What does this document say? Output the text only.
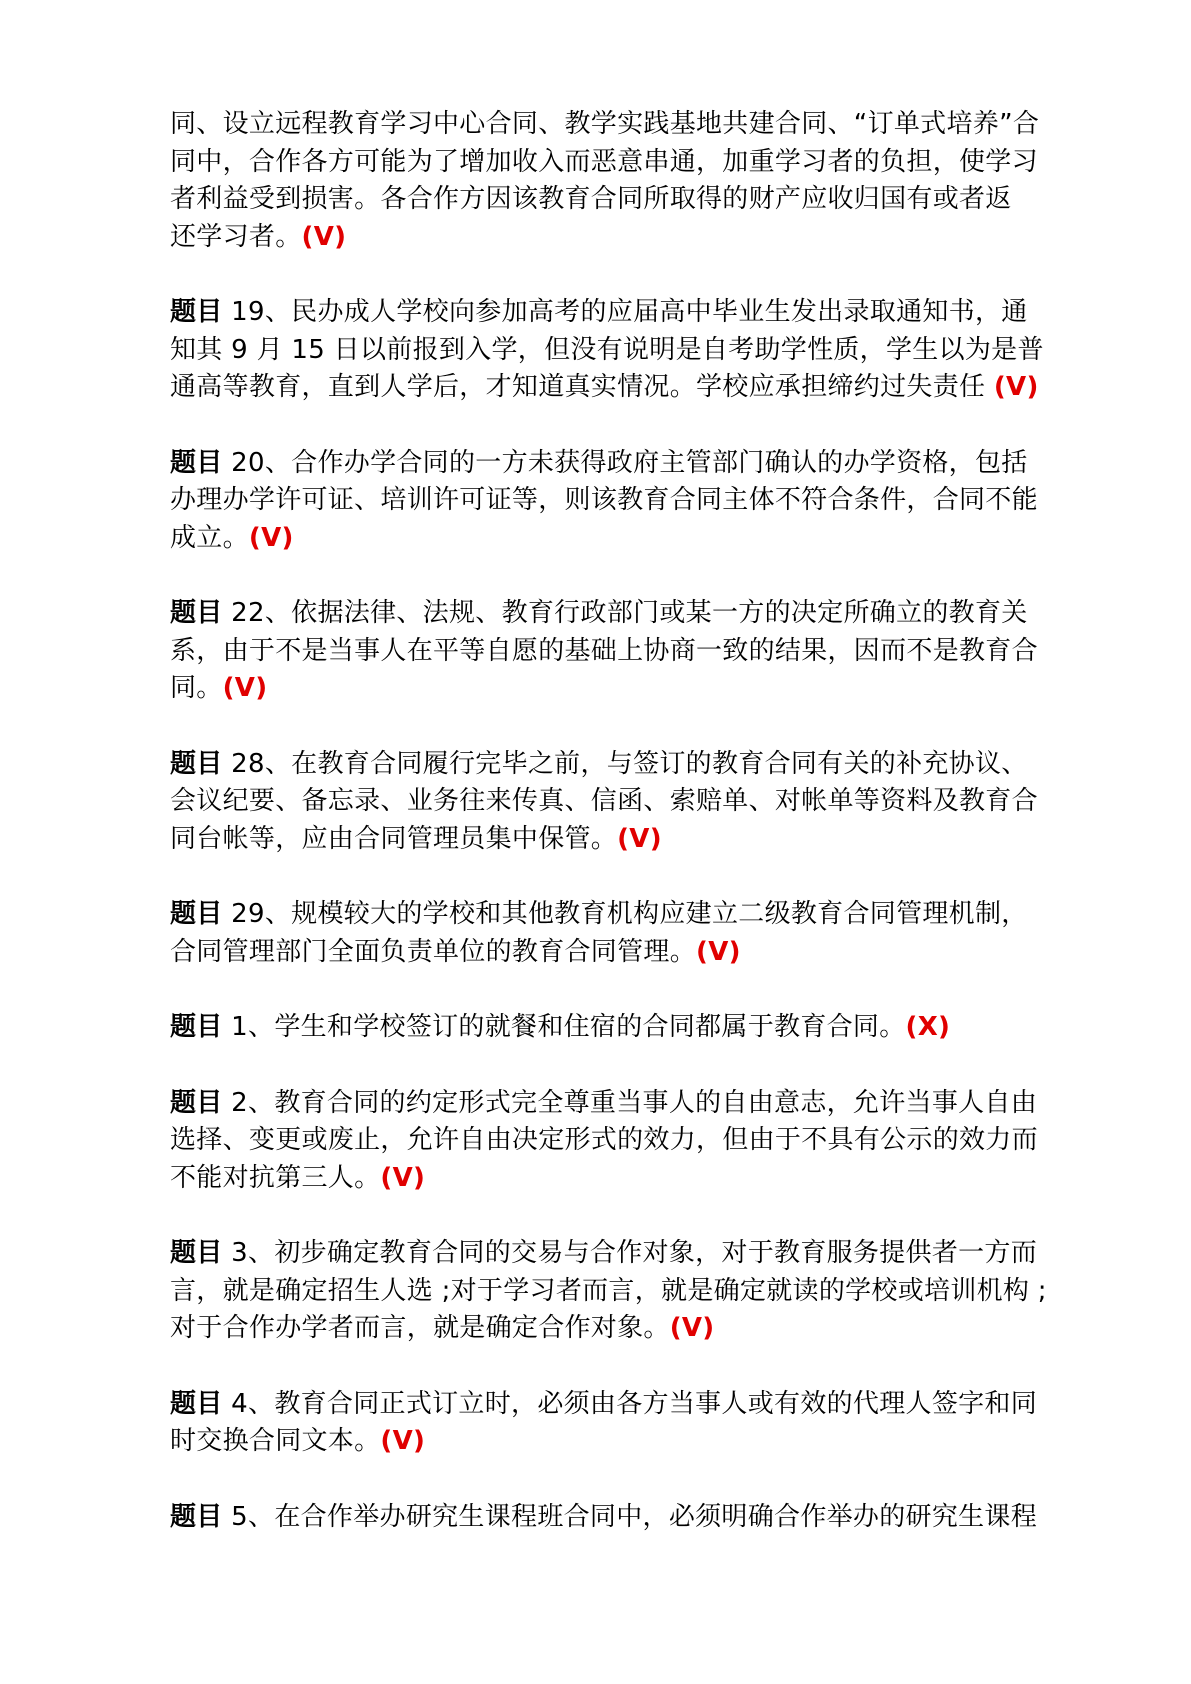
同、设立远程教育学习中心合同、教学实践基地共建合同、“订单式培养”合
同中，合作各方可能为了增加收入而恶意串通，加重学习者的负担，使学习
者利益受到损害。各合作方因该教育合同所取得的财产应收归国有或者返
还学习者。(V)
题目 19、民办成人学校向参加高考的应届高中毕业生发出录取通知书，通
知其 9 月 15 日以前报到入学，但没有说明是自考助学性质，学生以为是普
通高等教育，直到人学后，才知道真实情况。学校应承担缔约过失责任 (V)
题目 20、合作办学合同的一方未获得政府主管部门确认的办学资格，包括
办理办学许可证、培训许可证等，则该教育合同主体不符合条件，合同不能
成立。(V)
题目 22、依据法律、法规、教育行政部门或某一方的决定所确立的教育关
系，由于不是当事人在平等自愿的基础上协商一致的结果，因而不是教育合
同。(V)
题目 28、在教育合同履行完毕之前，与签订的教育合同有关的补充协议、
会议纪要、备忘录、业务往来传真、信函、索赔单、对帐单等资料及教育合
同台帐等，应由合同管理员集中保管。(V)
题目 29、规模较大的学校和其他教育机构应建立二级教育合同管理机制，
合同管理部门全面负责单位的教育合同管理。(V)
题目 1、学生和学校签订的就餐和住宿的合同都属于教育合同。(X)
题目 2、教育合同的约定形式完全尊重当事人的自由意志，允许当事人自由
选择、变更或废止，允许自由决定形式的效力，但由于不具有公示的效力而
不能对抗第三人。(V)
题目 3、初步确定教育合同的交易与合作对象，对于教育服务提供者一方而
言，就是确定招生人选 ;对于学习者而言，就是确定就读的学校或培训机构 ;
对于合作办学者而言，就是确定合作对象。(V)
题目 4、教育合同正式订立时，必须由各方当事人或有效的代理人签字和同
时交换合同文本。(V)
题目 5、在合作举办研究生课程班合同中，必须明确合作举办的研究生课程
